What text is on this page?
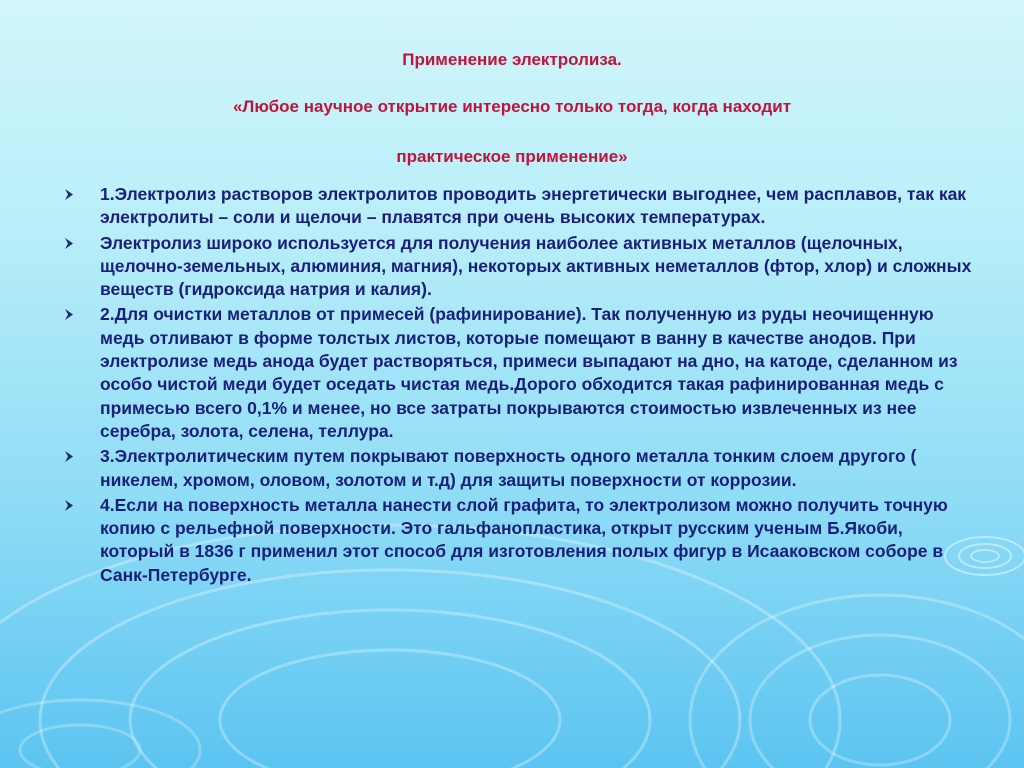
Применение электролиза.
«Любое научное открытие интересно только тогда, когда находит
практическое применение»
1.Электролиз растворов электролитов проводить энергетически выгоднее, чем расплавов, так как электролиты – соли и щелочи – плавятся при очень высоких температурах.
Электролиз широко используется для получения наиболее активных металлов (щелочных, щелочно-земельных, алюминия, магния), некоторых активных неметаллов (фтор, хлор) и сложных веществ (гидроксида натрия и калия).
2.Для очистки металлов от примесей (рафинирование). Так полученную из руды неочищенную медь отливают в форме толстых листов, которые помещают в ванну в качестве анодов. При электролизе медь анода будет растворяться, примеси выпадают на дно, на катоде, сделанном из особо чистой меди будет оседать чистая медь.Дорого обходится такая рафинированная медь с примесью всего 0,1% и менее, но все затраты покрываются стоимостью извлеченных из нее серебра, золота, селена, теллура.
3.Электролитическим путем покрывают поверхность одного металла тонким слоем другого ( никелем, хромом, оловом, золотом и т.д) для защиты поверхности от коррозии.
4.Если на поверхность металла нанести слой графита, то электролизом можно получить точную копию с рельефной поверхности. Это гальфанопластика, открыт русским ученым Б.Якоби, который в 1836 г применил этот способ для изготовления полых фигур в Исааковском соборе в Санк-Петербурге.
